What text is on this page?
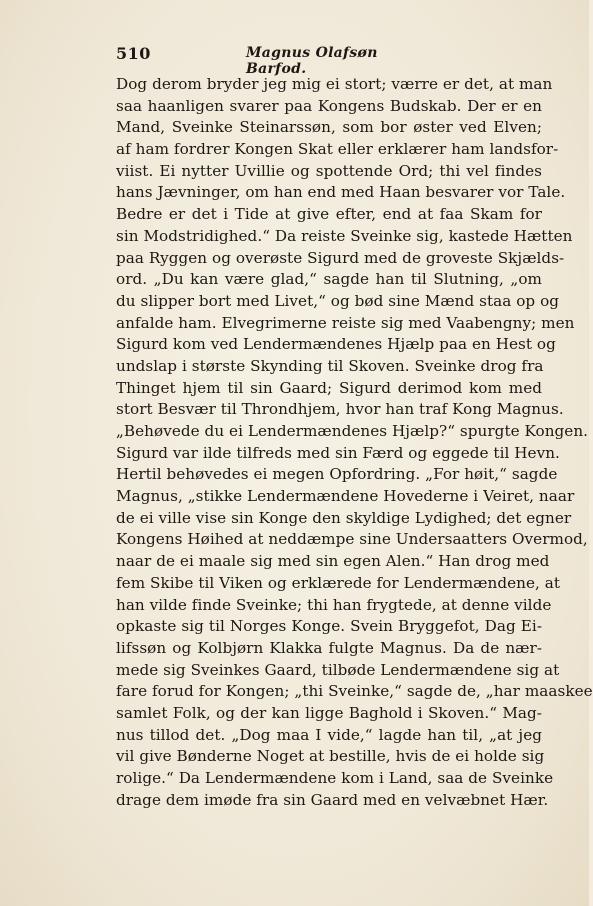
510	Magnus Olafsøn Barfod.
Dog derom bryder jeg mig ei stort; værre er det, at man
saa haanligen svarer paa Kongens Budskab. Der er en
Mand, Sveinke Steinarssøn, som bor øster ved Elven;
af ham fordrer Kongen Skat eller erklærer ham landsfor-
viist. Ei nytter Uvillie og spottende Ord; thi vel findes
hans Jævninger, om han end med Haan besvarer vor Tale.
Bedre er det i Tide at give efter, end at faa Skam for
sin Modstridighed.“ Da reiste Sveinke sig, kastede Hætten
paa Ryggen og overøste Sigurd med de groveste Skjælds-
ord. „Du kan være glad,“ sagde han til Slutning, „om
du slipper bort med Livet,“ og bød sine Mænd staa op og
anfalde ham. Elvegrimerne reiste sig med Vaabengny; men
Sigurd kom ved Lendermændenes Hjælp paa en Hest og
undslap i største Skynding til Skoven. Sveinke drog fra
Thinget hjem til sin Gaard; Sigurd derimod kom med
stort Besvær til Throndhjem, hvor han traf Kong Magnus.
„Behøvede du ei Lendermændenes Hjælp?“ spurgte Kongen.
Sigurd var ilde tilfreds med sin Færd og eggede til Hevn.
Hertil behøvedes ei megen Opfordring. „For høit,“ sagde
Magnus, „stikke Lendermændene Hovederne i Veiret, naar
de ei ville vise sin Konge den skyldige Lydighed; det egner
Kongens Høihed at neddæmpe sine Undersaatters Overmod,
naar de ei maale sig med sin egen Alen.“ Han drog med
fem Skibe til Viken og erklærede for Lendermændene, at
han vilde finde Sveinke; thi han frygtede, at denne vilde
opkaste sig til Norges Konge. Svein Bryggefot, Dag Ei-
lifssøn og Kolbjørn Klakka fulgte Magnus. Da de nær-
mede sig Sveinkes Gaard, tilbøde Lendermændene sig at
fare forud for Kongen; „thi Sveinke,“ sagde de, „har maaskee
samlet Folk, og der kan ligge Baghold i Skoven.“ Mag-
nus tillod det. „Dog maa I vide,“ lagde han til, „at jeg
vil give Bønderne Noget at bestille, hvis de ei holde sig
rolige.“ Da Lendermændene kom i Land, saa de Sveinke
drage dem imøde fra sin Gaard med en velvæbnet Hær.
